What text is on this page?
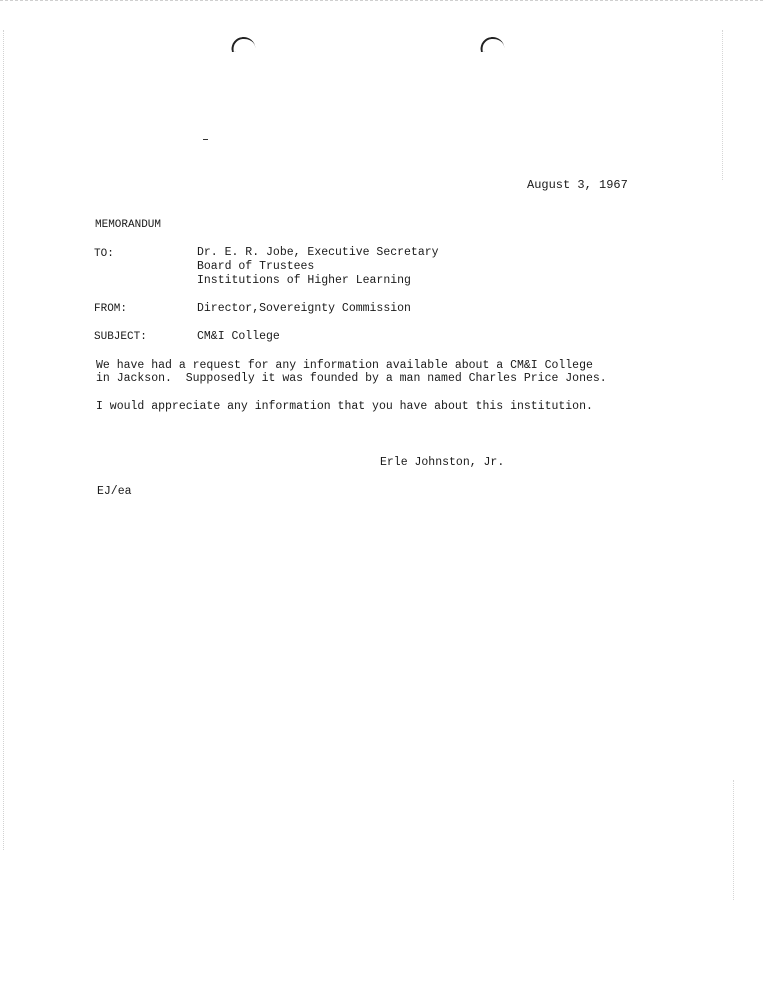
August 3, 1967
MEMORANDUM
TO:	Dr. E. R. Jobe, Executive Secretary
Board of Trustees
Institutions of Higher Learning
FROM:	Director,Sovereignty Commission
SUBJECT:	CM&I College
We have had a request for any information available about a CM&I College
in Jackson.  Supposedly it was founded by a man named Charles Price Jones.
I would appreciate any information that you have about this institution.
Erle Johnston, Jr.
EJ/ea
